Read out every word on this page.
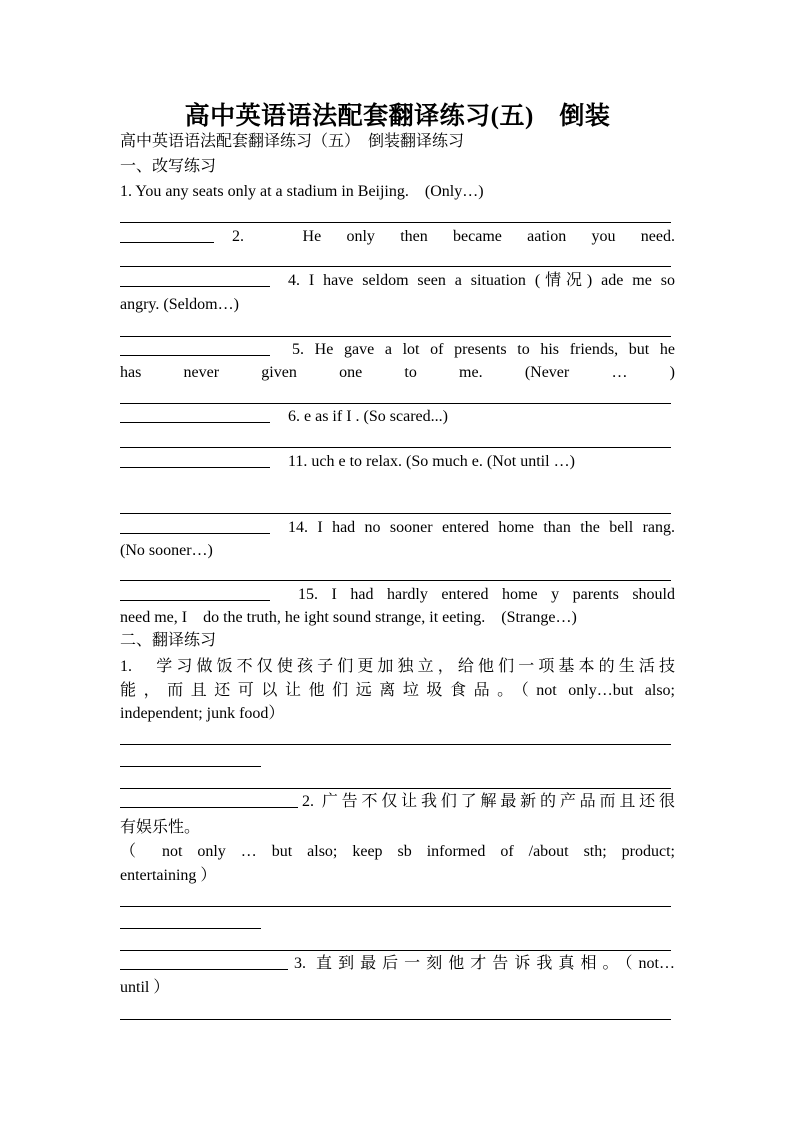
高中英语语法配套翻译练习(五)　倒装
高中英语语法配套翻译练习（五）　倒装翻译练习
一、改写练习
1. You any seats only at a stadium in Beijing.　(Only…)
2.　He only then became aation you need.
4. I have seldom seen a situation (情况) ade me so
angry. (Seldom…)
5. He gave a lot of presents to his friends, but he
has never given one to me. (Never … )
6. e as if I . (So scared...)
11. uch e to relax. (So much e. (Not until …)
14. I had no sooner entered home than the bell rang.
(No sooner…)
15. I had hardly entered home y parents should
need me, I　do the truth, he ight sound strange, it eeting.　(Strange…)
二、翻译练习
1.　学习做饭不仅使孩子们更加独立，给他们一项基本的生活技
能，而且还可以让他们远离垃圾食品。（not only…but also;
independent; junk food）
2. 广告不仅让我们了解最新的产品而且还很
有娱乐性。
（ not only … but also; keep sb informed of /about sth; product;
entertaining ）
3. 直到最后一刻他才告诉我真相。（not…
until ）
